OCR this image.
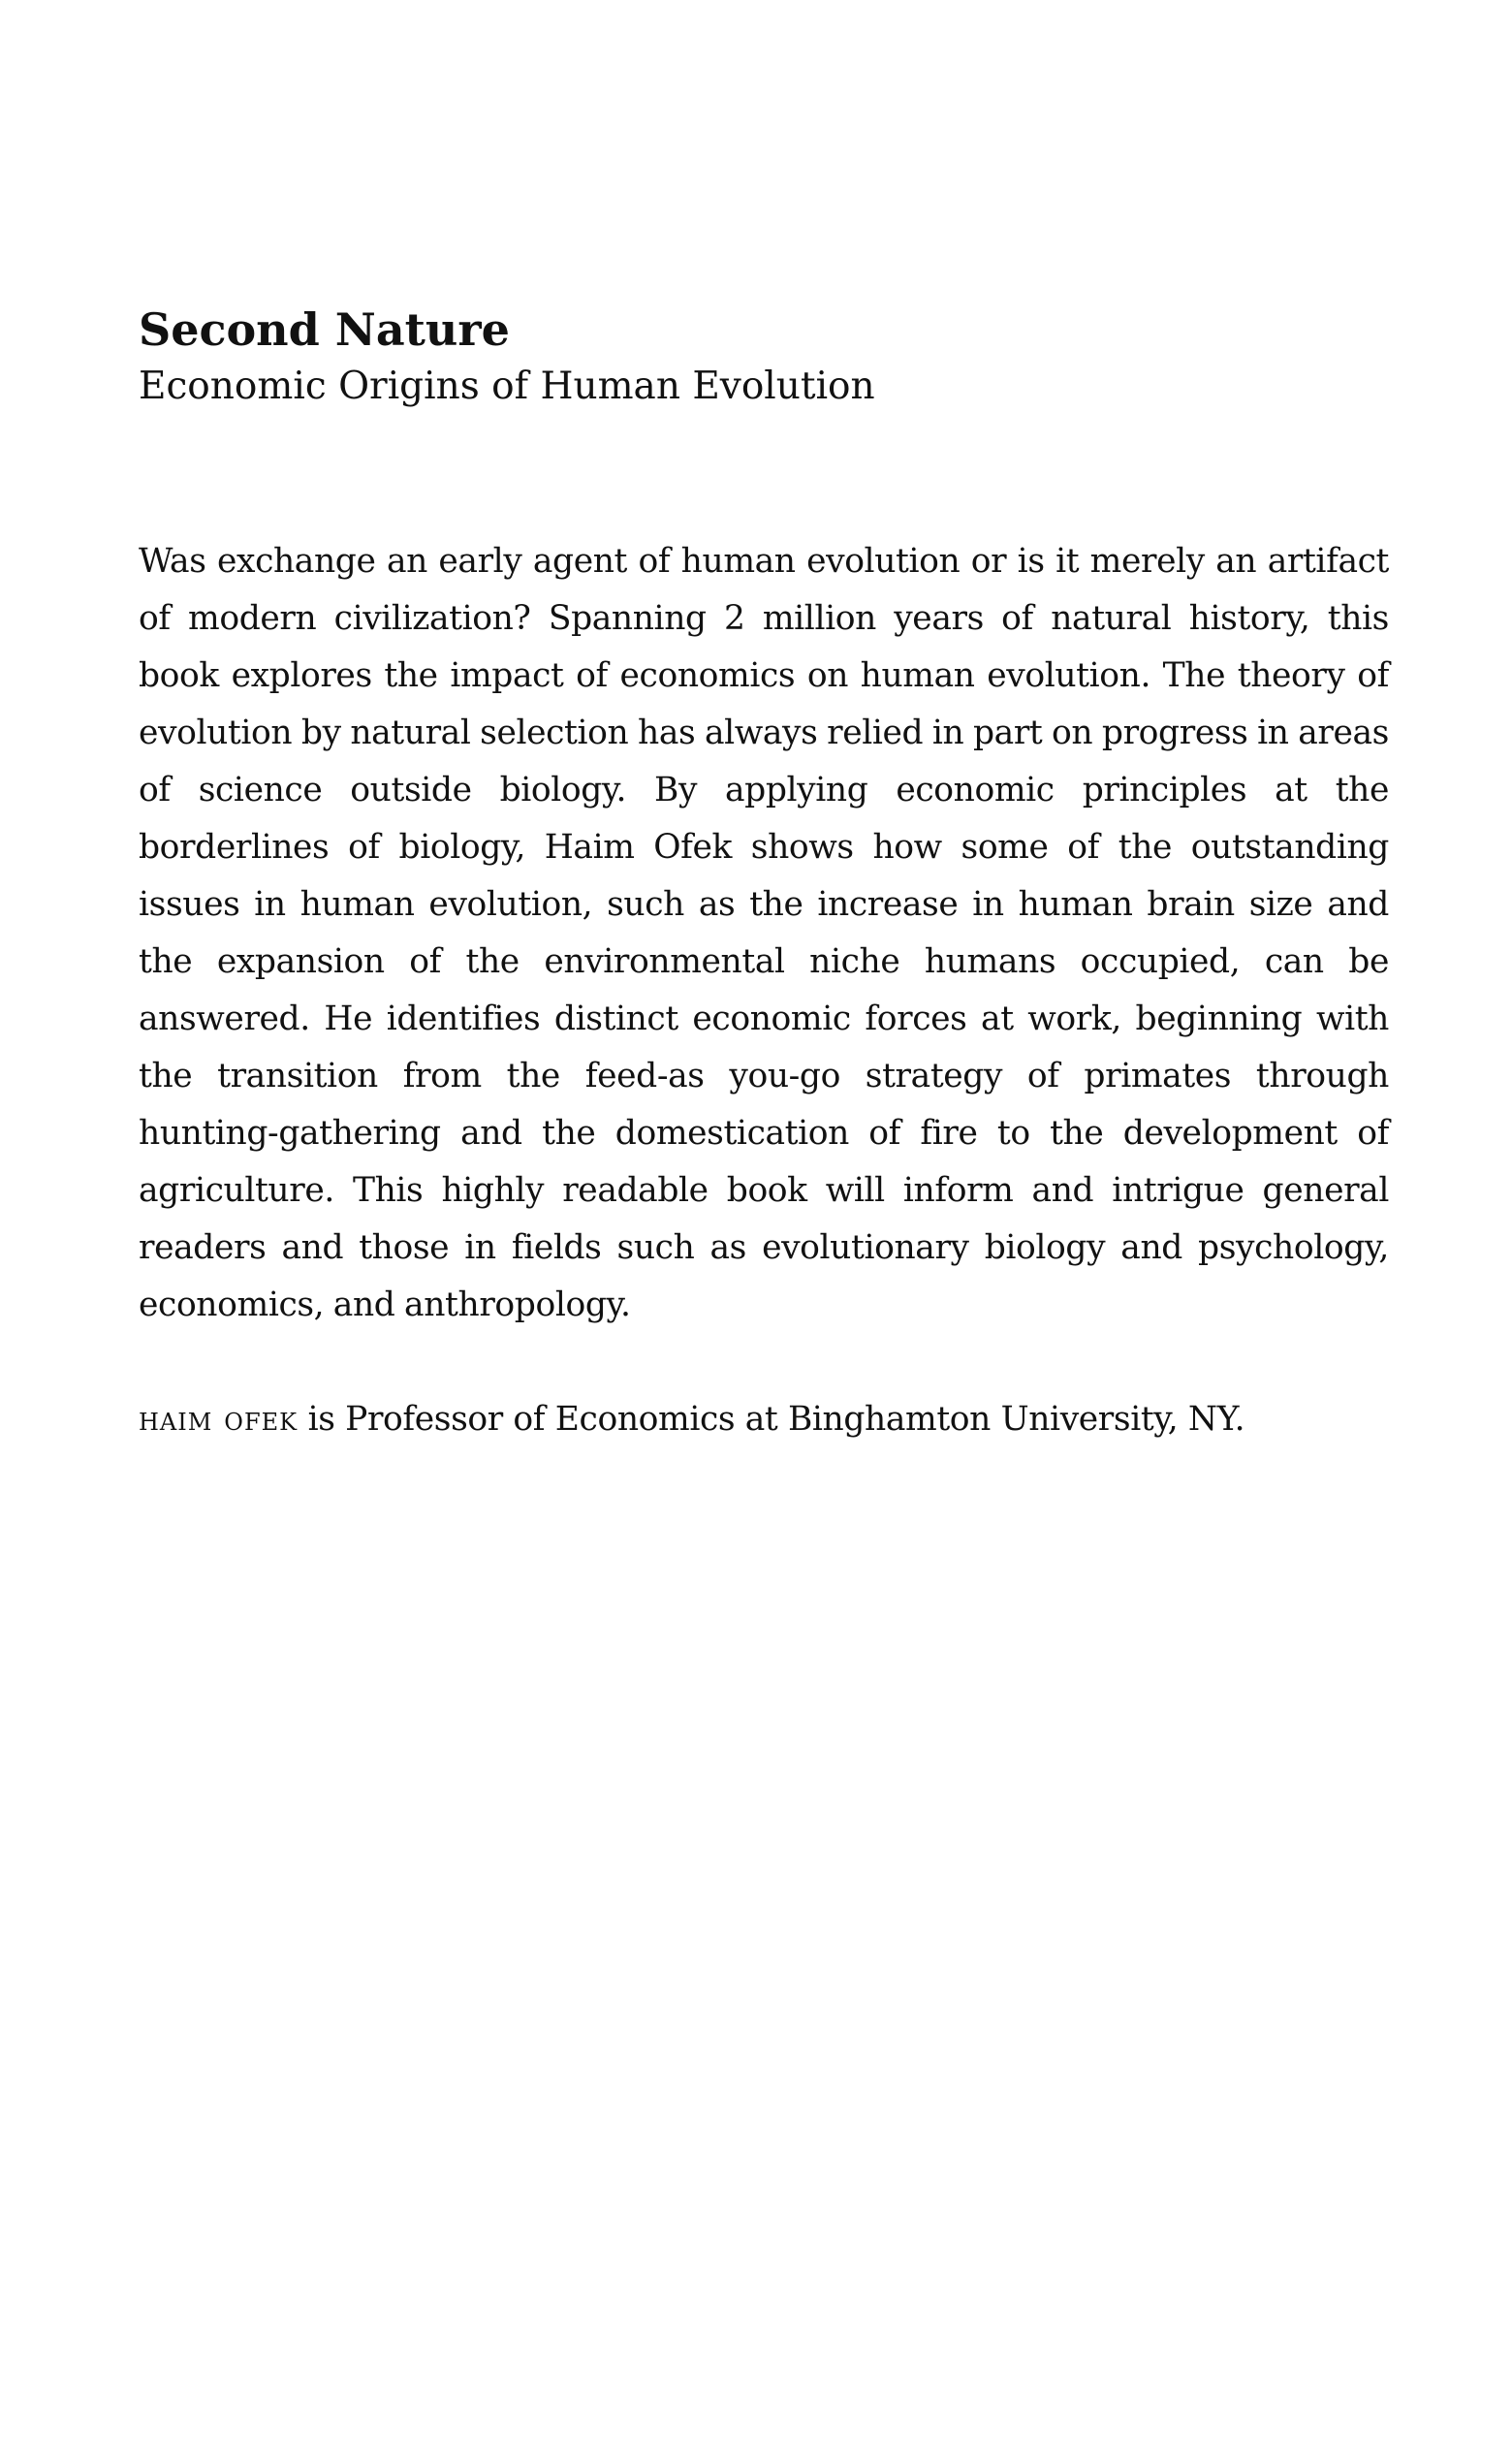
Second Nature
Economic Origins of Human Evolution

Was exchange an early agent of human evolution or is it merely an artifact of modern civilization? Spanning 2 million years of natural history, this book explores the impact of economics on human evolution. The theory of evolution by natural selection has always relied in part on progress in areas of science outside biology. By applying economic principles at the borderlines of biology, Haim Ofek shows how some of the outstanding issues in human evolution, such as the increase in human brain size and the expansion of the environmental niche humans occupied, can be answered. He identifies distinct economic forces at work, beginning with the transition from the feed-as you-go strategy of primates through hunting-gathering and the domestication of fire to the development of agriculture. This highly readable book will inform and intrigue general readers and those in fields such as evolutionary biology and psychology, economics, and anthropology.

haim ofek is Professor of Economics at Binghamton University, NY.
